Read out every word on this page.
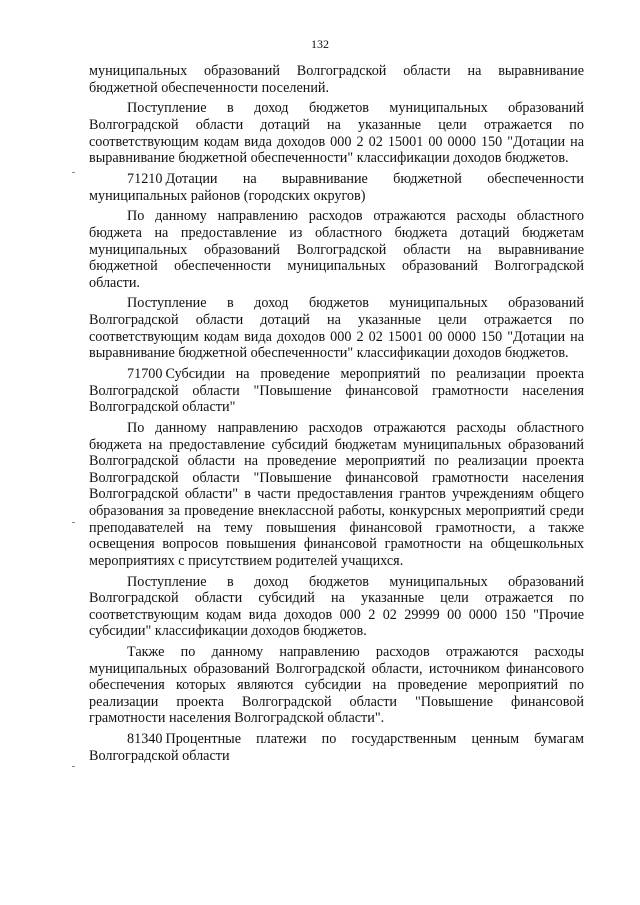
132

муниципальных образований Волгоградской области на выравнивание бюджетной обеспеченности поселений.

Поступление в доход бюджетов муниципальных образований Волгоградской области дотаций на указанные цели отражается по соответствующим кодам вида доходов 000 2 02 15001 00 0000 150 "Дотации на выравнивание бюджетной обеспеченности" классификации доходов бюджетов.

71210 Дотации на выравнивание бюджетной обеспеченности муниципальных районов (городских округов)

По данному направлению расходов отражаются расходы областного бюджета на предоставление из областного бюджета дотаций бюджетам муниципальных образований Волгоградской области на выравнивание бюджетной обеспеченности муниципальных образований Волгоградской области.

Поступление в доход бюджетов муниципальных образований Волгоградской области дотаций на указанные цели отражается по соответствующим кодам вида доходов 000 2 02 15001 00 0000 150 "Дотации на выравнивание бюджетной обеспеченности" классификации доходов бюджетов.

71700 Субсидии на проведение мероприятий по реализации проекта Волгоградской области "Повышение финансовой грамотности населения Волгоградской области"

По данному направлению расходов отражаются расходы областного бюджета на предоставление субсидий бюджетам муниципальных образований Волгоградской области на проведение мероприятий по реализации проекта Волгоградской области "Повышение финансовой грамотности населения Волгоградской области" в части предоставления грантов учреждениям общего образования за проведение внеклассной работы, конкурсных мероприятий среди преподавателей на тему повышения финансовой грамотности, а также освещения вопросов повышения финансовой грамотности на общешкольных мероприятиях с присутствием родителей учащихся.

Поступление в доход бюджетов муниципальных образований Волгоградской области субсидий на указанные цели отражается по соответствующим кодам вида доходов 000 2 02 29999 00 0000 150 "Прочие субсидии" классификации доходов бюджетов.

Также по данному направлению расходов отражаются расходы муниципальных образований Волгоградской области, источником финансового обеспечения которых являются субсидии на проведение мероприятий по реализации проекта Волгоградской области "Повышение финансовой грамотности населения Волгоградской области".

81340 Процентные платежи по государственным ценным бумагам Волгоградской области
